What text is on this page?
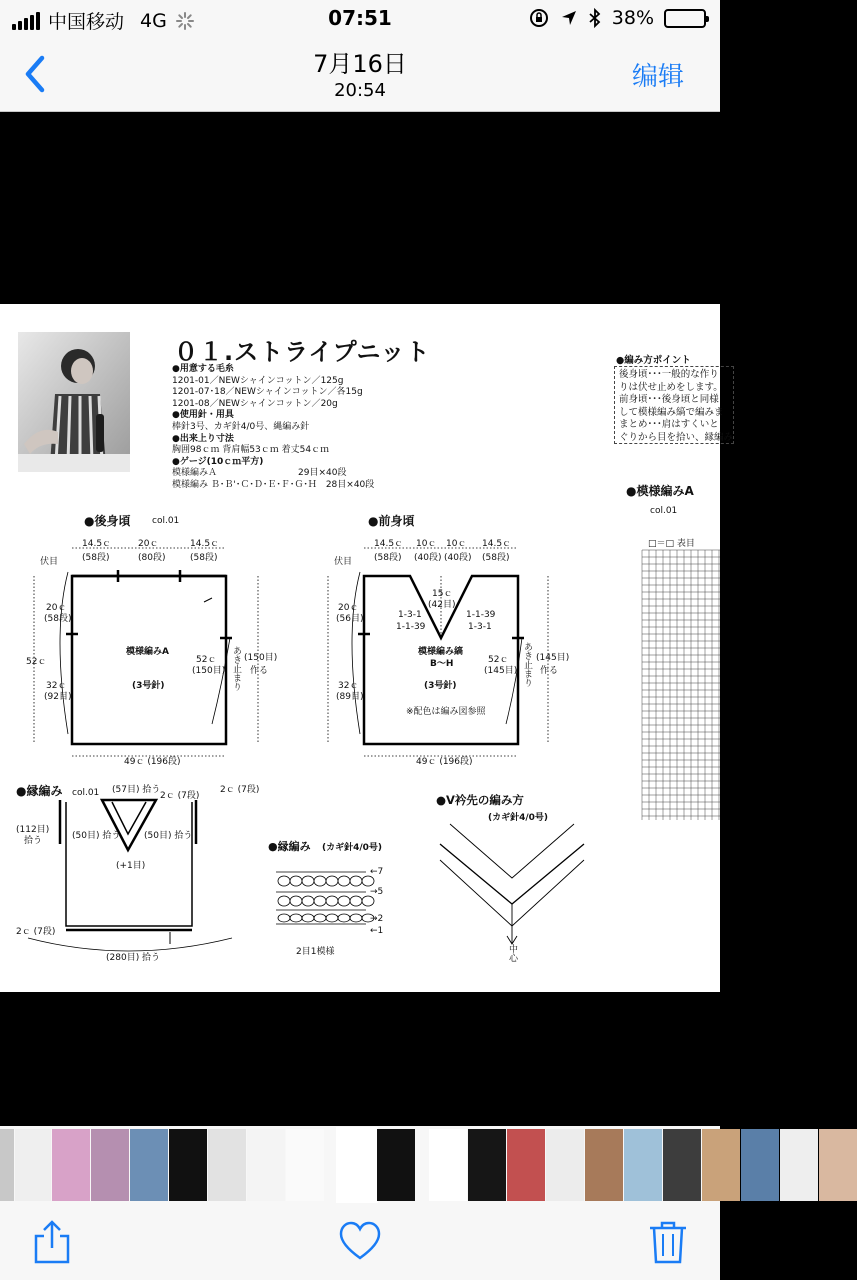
中国移动 4G	07:51	38%
7月16日
20:54	编辑
０１.ストライプニット
●用意する毛糸
1201-01／NEWシャインコットン／125g
1201-07･18／NEWシャインコットン／各15g
1201-08／NEWシャインコットン／20g
●使用針・用具
棒針3号、カギ針4/0号、縄編み針
●出来上り寸法
胸囲98ｃｍ 背肩幅53ｃｍ 着丈54ｃｍ
●ゲージ(10ｃｍ平方)
模様編みＡ　　　　　　　　　29目×40段
模様編み Ｂ･Ｂ'･Ｃ･Ｄ･Ｅ･Ｆ･Ｇ･Ｈ　28目×40段
●編み方ポイント
後身頃･･･一般的な作り
りは伏せ止めをします。
前身頃･･･後身頃と同様
して模様編み縞で編みま
まとめ･･･肩はすくいと
ぐりから目を拾い、縁編み
●後身頃 col.01
14.5ｃ	20ｃ	14.5ｃ
(58段)	(80段)	(58段)
伏目
20ｃ
(58段)
52ｃ
32ｃ
(92目)
52ｃ
(150目) あき止まり (150目)
作る
模様編みA
(3号針)
49ｃ (196段)
●前身頃
14.5ｃ 10ｃ 10ｃ 14.5ｃ
(58段) (40段) (40段) (58段)
伏目
20ｃ
(56目)
15ｃ
(42目)
1-3-1
1-1-39
1-1-39
1-3-1
32ｃ
(89目)
52ｃ
(145目) あき止まり (145目)
作る
模様編み縞
B〜H
(3号針)
※配色は編み図参照
49ｃ (196段)
●縁編み col.01 (57目) 拾う
2ｃ (7段)
2ｃ (7段)
(112目)
拾う	(50目) 拾う	(50目) 拾う
(+1目)
2ｃ (7段)
(280目) 拾う
●縁編み (カギ針4/0号)
←7
→5
→2
←1
2目1模様
●V衿先の編み方
(カギ針4/0号)
中心
●模様編みA
col.01
□＝□ 表目
